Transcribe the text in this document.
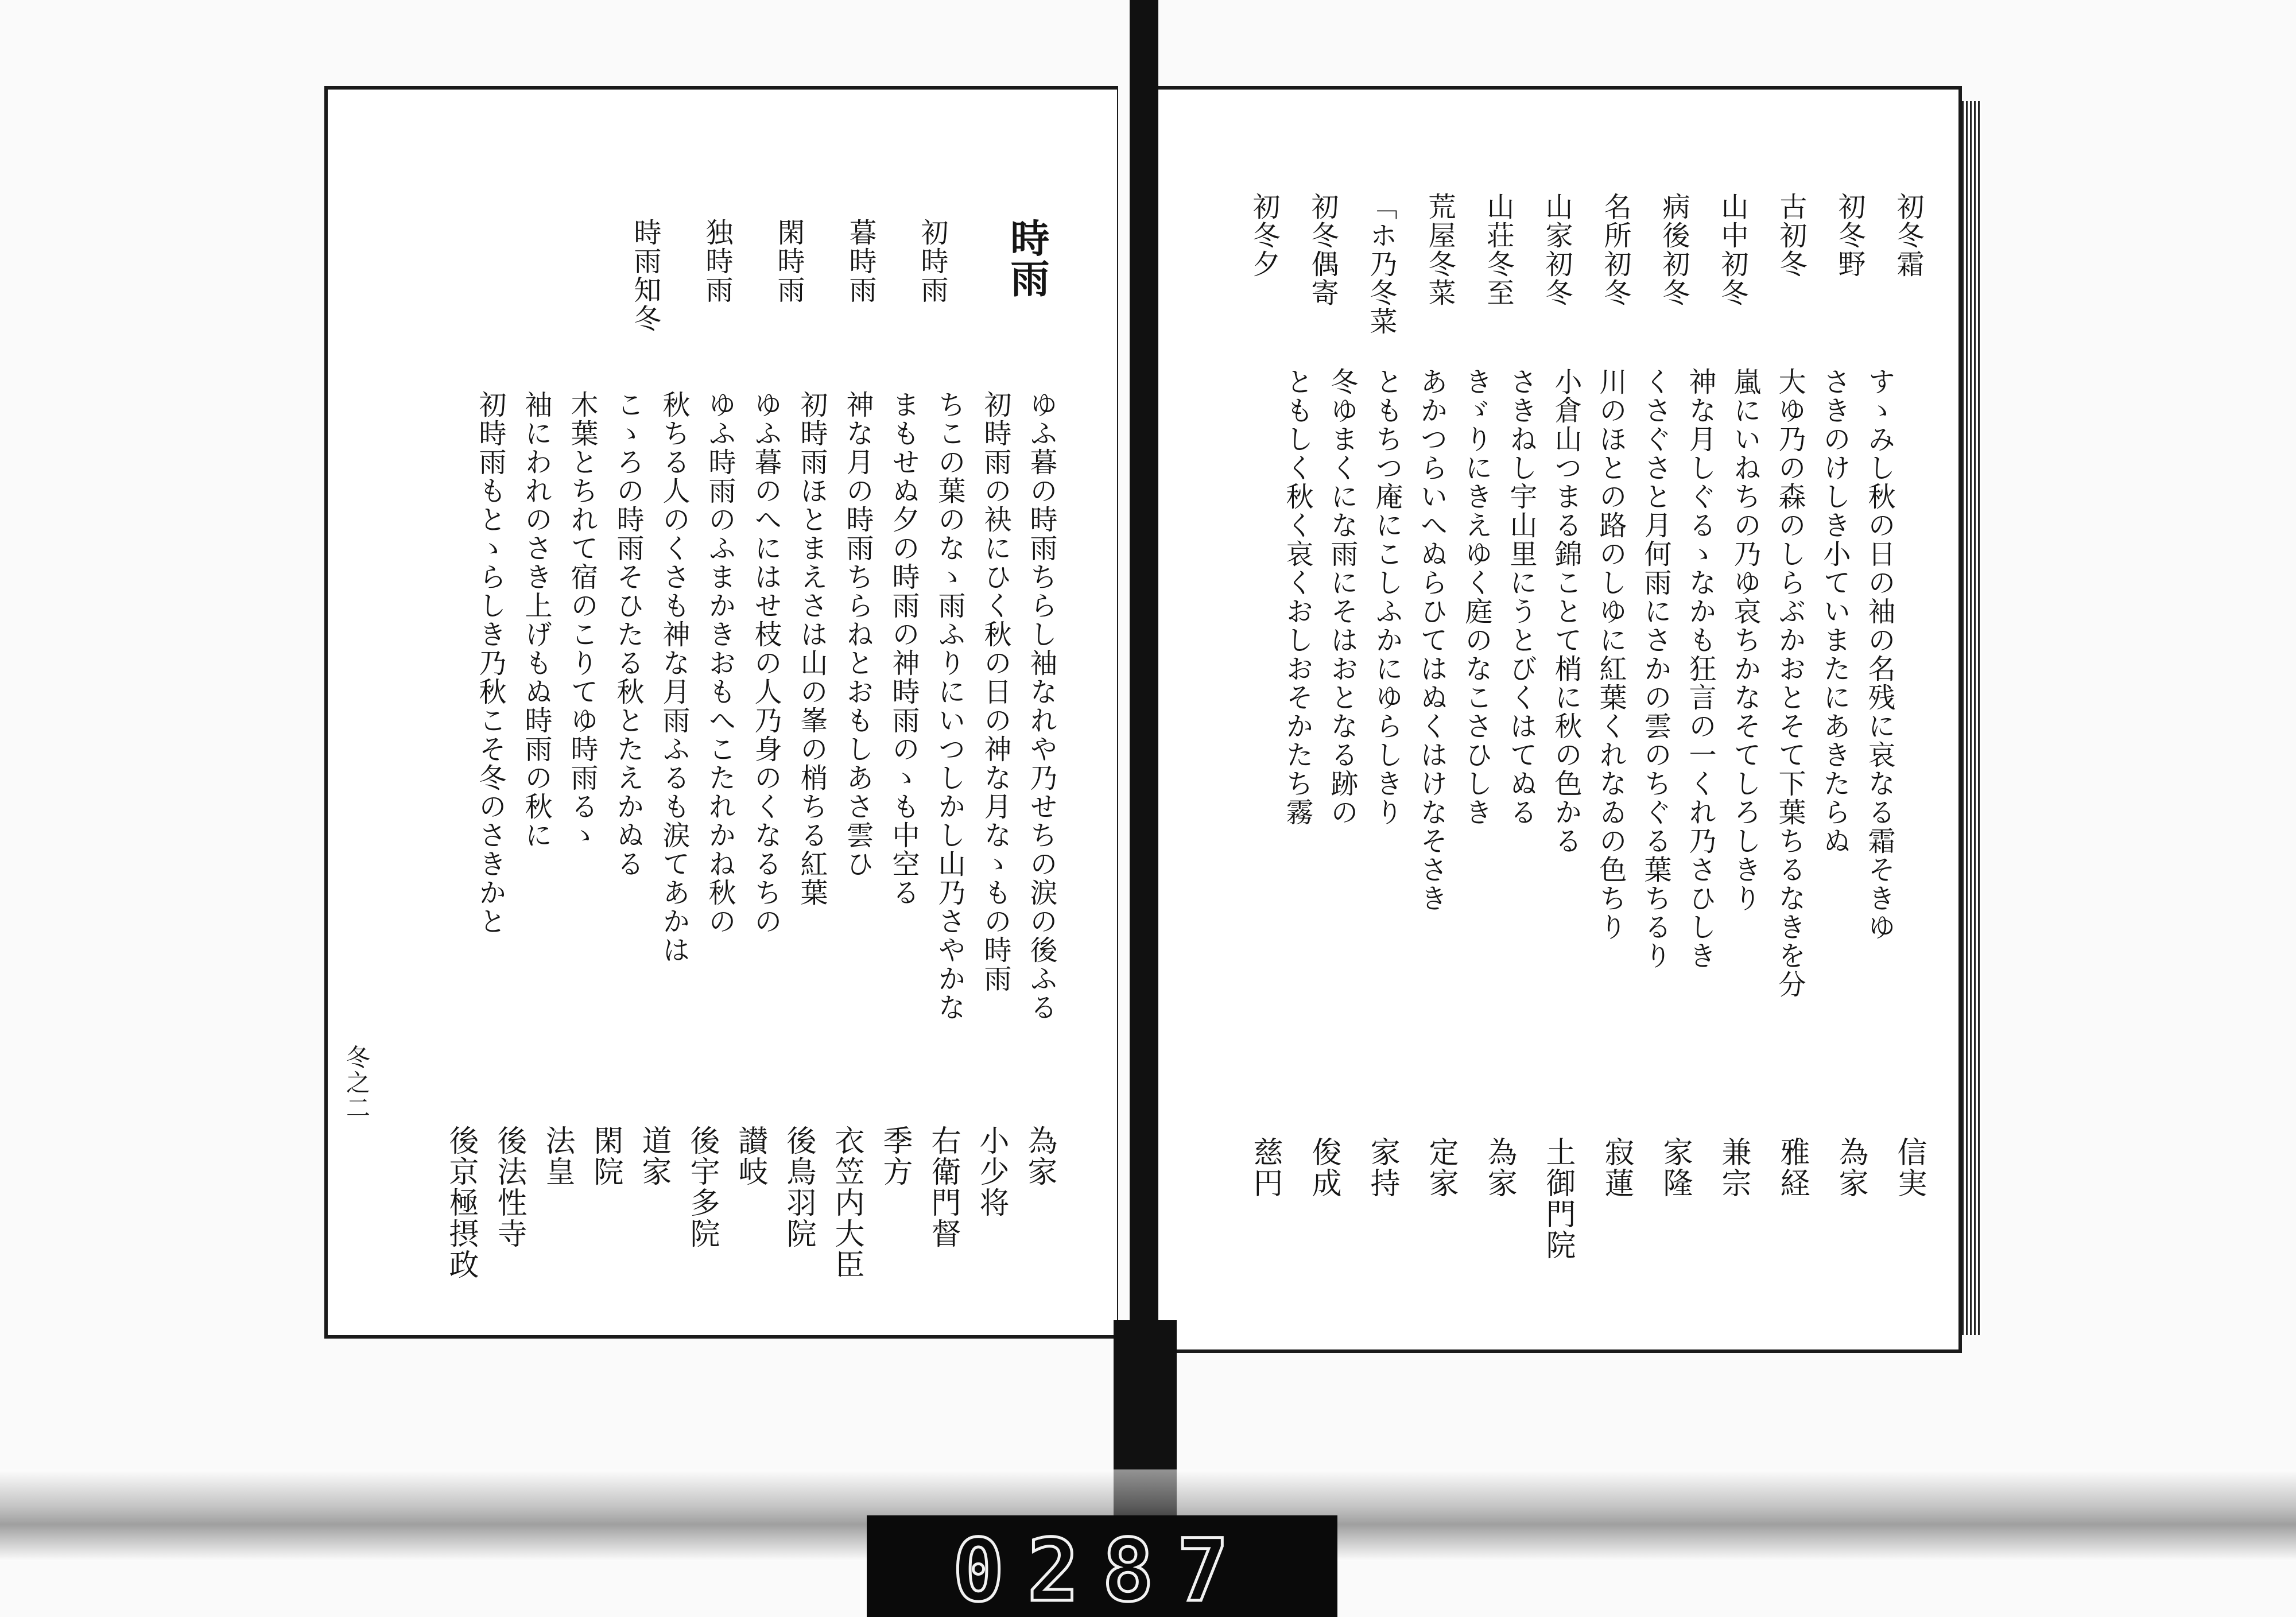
初冬霜
初冬野
古初冬
山中初冬
病後初冬
名所初冬
山家初冬
山荘冬至
荒屋冬菜
「ホ乃冬菜
初冬偶寄
初冬夕
すゝみし秋の日の袖の名残に哀なる霜そきゆ
さきのけしき小ていまたにあきたらぬ
大ゆ乃の森のしらぶかおとそて下葉ちるなきを分
嵐にいねちの乃ゆ哀ちかなそてしろしきり
神な月しぐるゝなかも狂言の一くれ乃さひしき
くさぐさと月何雨にさかの雲のちぐる葉ちるり
川のほとの路のしゆに紅葉くれなゐの色ちり
小倉山つまる錦ことて梢に秋の色かる
さきねし宇山里にうとびくはてぬる
きゞりにきえゆく庭のなこさひしき
あかつらいへぬらひてはぬくはけなそさき
ともちつ庵にこしふかにゆらしきり
冬ゆまくにな雨にそはおとなる跡の
ともしく秋く哀くおしおそかたち霧
信実
為家
雅経
兼宗
家隆
寂蓮
土御門院
為家
定家
家持
俊成
慈円
時雨
初時雨
暮時雨
閑時雨
独時雨
時雨知冬
ゆふ暮の時雨ちらし袖なれや乃せちの涙の後ふる
初時雨の袂にひく秋の日の神な月なゝもの時雨
ちこの葉のなゝ雨ふりにいつしかし山乃さやかな
まもせぬ夕の時雨の神時雨のゝも中空る
神な月の時雨ちらねとおもしあさ雲ひ
初時雨ほとまえさは山の峯の梢ちる紅葉
ゆふ暮のへにはせ枝の人乃身のくなるちの
ゆふ時雨のふまかきおもへこたれかね秋の
秋ちる人のくさも神な月雨ふるも涙てあかは
こゝろの時雨そひたる秋とたえかぬる
木葉とちれて宿のこりてゆ時雨るゝ
袖にわれのさき上げもぬ時雨の秋に
初時雨もとゝらしき乃秋こそ冬のさきかと
為家
小少将
右衛門督
季方
衣笠内大臣
後鳥羽院
讃岐
後宇多院
道家
閑院
法皇
後法性寺
後京極摂政
冬之二
0287
